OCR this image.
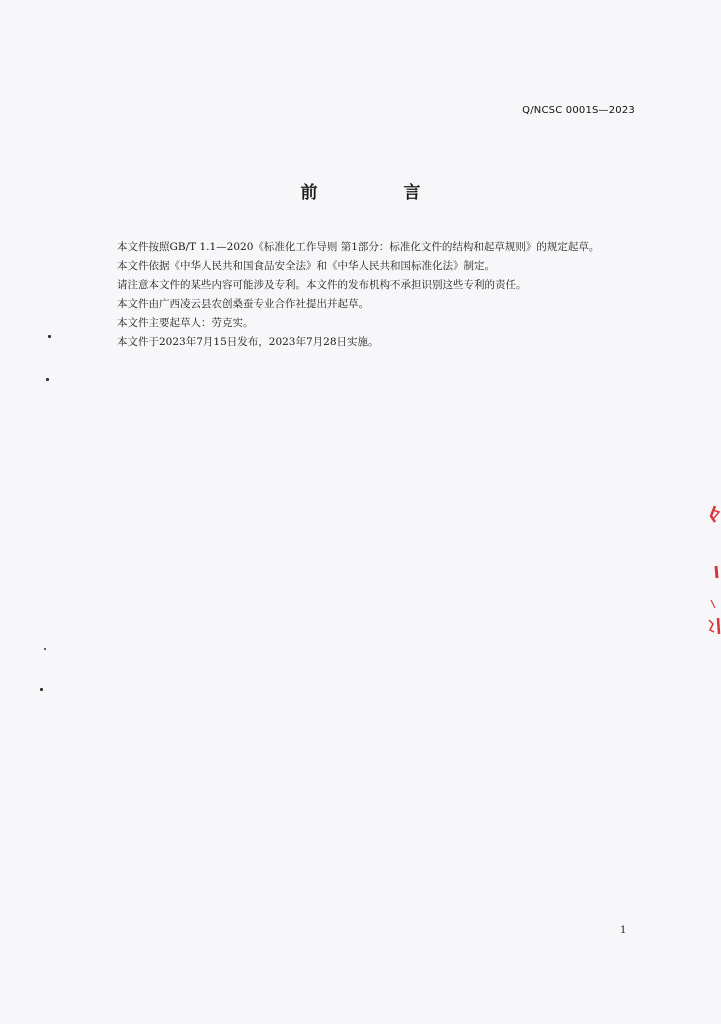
Q/NCSC 0001S—2023
前 言

本文件按照GB/T 1.1—2020《标准化工作导则 第1部分：标准化文件的结构和起草规则》的规定起草。

本文件依据《中华人民共和国食品安全法》和《中华人民共和国标准化法》制定。

请注意本文件的某些内容可能涉及专利。本文件的发布机构不承担识别这些专利的责任。

本文件由广西凌云县农创桑蚕专业合作社提出并起草。

本文件主要起草人：劳克实。

本文件于2023年7月15日发布，2023年7月28日实施。

1
